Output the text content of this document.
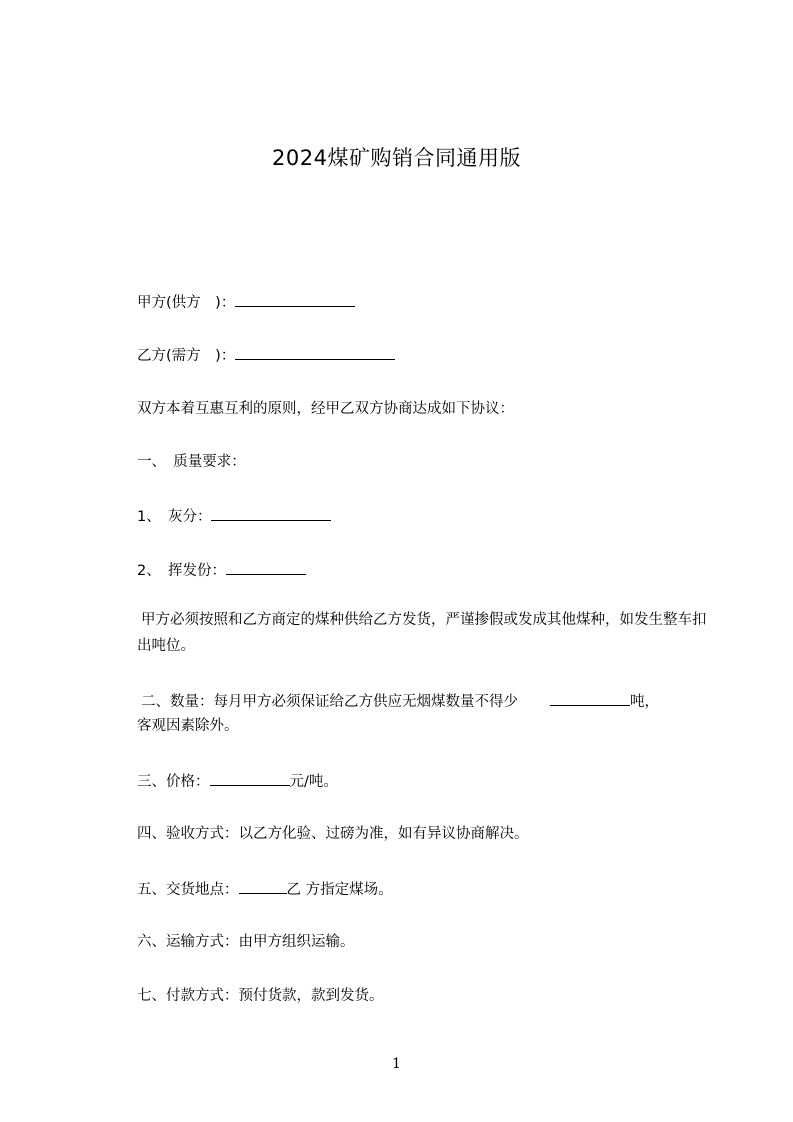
2024煤矿购销合同通用版
甲方(供方　)：
乙方(需方　)：
双方本着互惠互利的原则，经甲乙双方协商达成如下协议：
一、　质量要求：
1、　灰分：
2、　挥发份：
甲方必须按照和乙方商定的煤种供给乙方发货，严谨掺假或发成其他煤种，如发生整车扣出吨位。
二、数量：每月甲方必须保证给乙方供应无烟煤数量不得少	吨，
客观因素除外。
三、价格：	元/吨。
四、验收方式：以乙方化验、过磅为准，如有异议协商解决。
五、交货地点：	乙 方指定煤场。
六、运输方式：由甲方组织运输。
七、付款方式：预付货款，款到发货。
1
